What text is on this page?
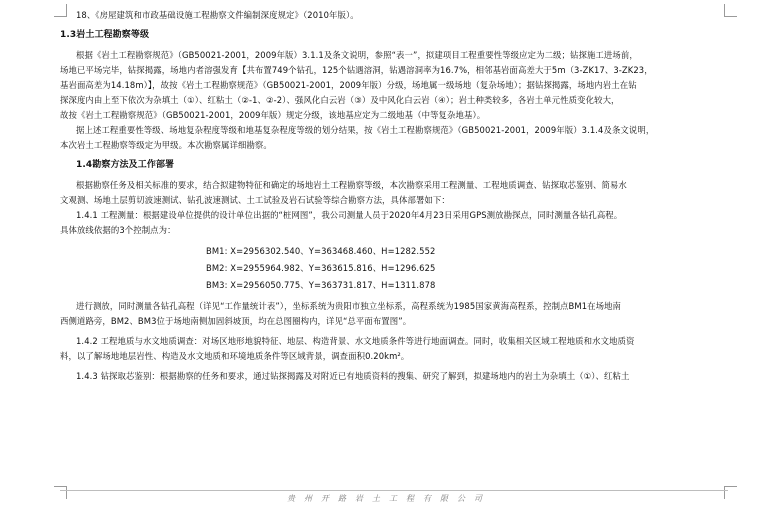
18、《房屋建筑和市政基础设施工程勘察文件编制深度规定》（2010年版）。
1.3岩土工程勘察等级
根据《岩土工程勘察规范》（GB50021-2001，2009年版）3.1.1及条文说明，参照“表一”，拟建项目工程重要性等级应定为二级；钻探施工进场前，
场地已平场完毕，钻探揭露，场地内者溶强发育【共布置749个钻孔，125个钻遇溶洞，钻遇溶洞率为16.7%，相邻基岩面高差大于5m（3-ZK17、3-ZK23，
基岩面高差为14.18m）】，故按《岩土工程勘察规范》（GB50021-2001，2009年版）分级，场地属一级场地（复杂场地）；据钻探揭露，场地内岩土在钻
探深度内由上至下依次为杂填土（①）、红粘土（②-1、②-2）、强风化白云岩（③）及中风化白云岩（④）；岩土种类较多，各岩土单元性质变化较大，
故按《岩土工程勘察规范》（GB50021-2001，2009年版）规定分级，该地基应定为二级地基（中等复杂地基）。
据上述工程重要性等级、场地复杂程度等级和地基复杂程度等级的划分结果，按《岩土工程勘察规范》（GB50021-2001，2009年版）3.1.4及条文说明，
本次岩土工程勘察等级定为甲级。本次勘察属详细勘察。
1.4勘察方法及工作部署
根据勘察任务及相关标准的要求，结合拟建物特征和确定的场地岩土工程勘察等级，本次勘察采用工程测量、工程地质调查、钻探取芯鉴别、简易水
文观测、场地土层剪切波速测试、钻孔波速测试、土工试验及岩石试验等综合勘察方法，具体部署如下：
1.4.1 工程测量：根据建设单位提供的设计单位出据的“桩网图”，我公司测量人员于2020年4月23日采用GPS测放勘探点，同时测量各钻孔高程。
具体放线依据的3个控制点为：
BM1: X=2956302.540、Y=363468.460、H=1282.552
BM2: X=2955964.982、Y=363615.816、H=1296.625
BM3: X=2956050.775、Y=363731.817、H=1311.878
进行测放，同时测量各钻孔高程（详见“工作量统计表”），坐标系统为贵阳市独立坐标系，高程系统为1985国家黄海高程系，控制点BM1在场地南
西侧道路旁，BM2、BM3位于场地南侧加固斜坡顶，均在总图圈构内，详见“总平面布置图”。
1.4.2 工程地质与水文地质调查：对场区地形地貌特征、地层、构造背景、水文地质条件等进行地面调查。同时，收集相关区域工程地质和水文地质资
料，以了解场地地层岩性、构造及水文地质和环境地质条件等区域背景，调查面积0.20km²。
1.4.3 钻探取芯鉴别：根据勘察的任务和要求，通过钻探揭露及对附近已有地质资料的搜集、研究了解到，拟建场地内的岩土为杂填土（①）、红粘土
贵州开路岩土工程有限公司
